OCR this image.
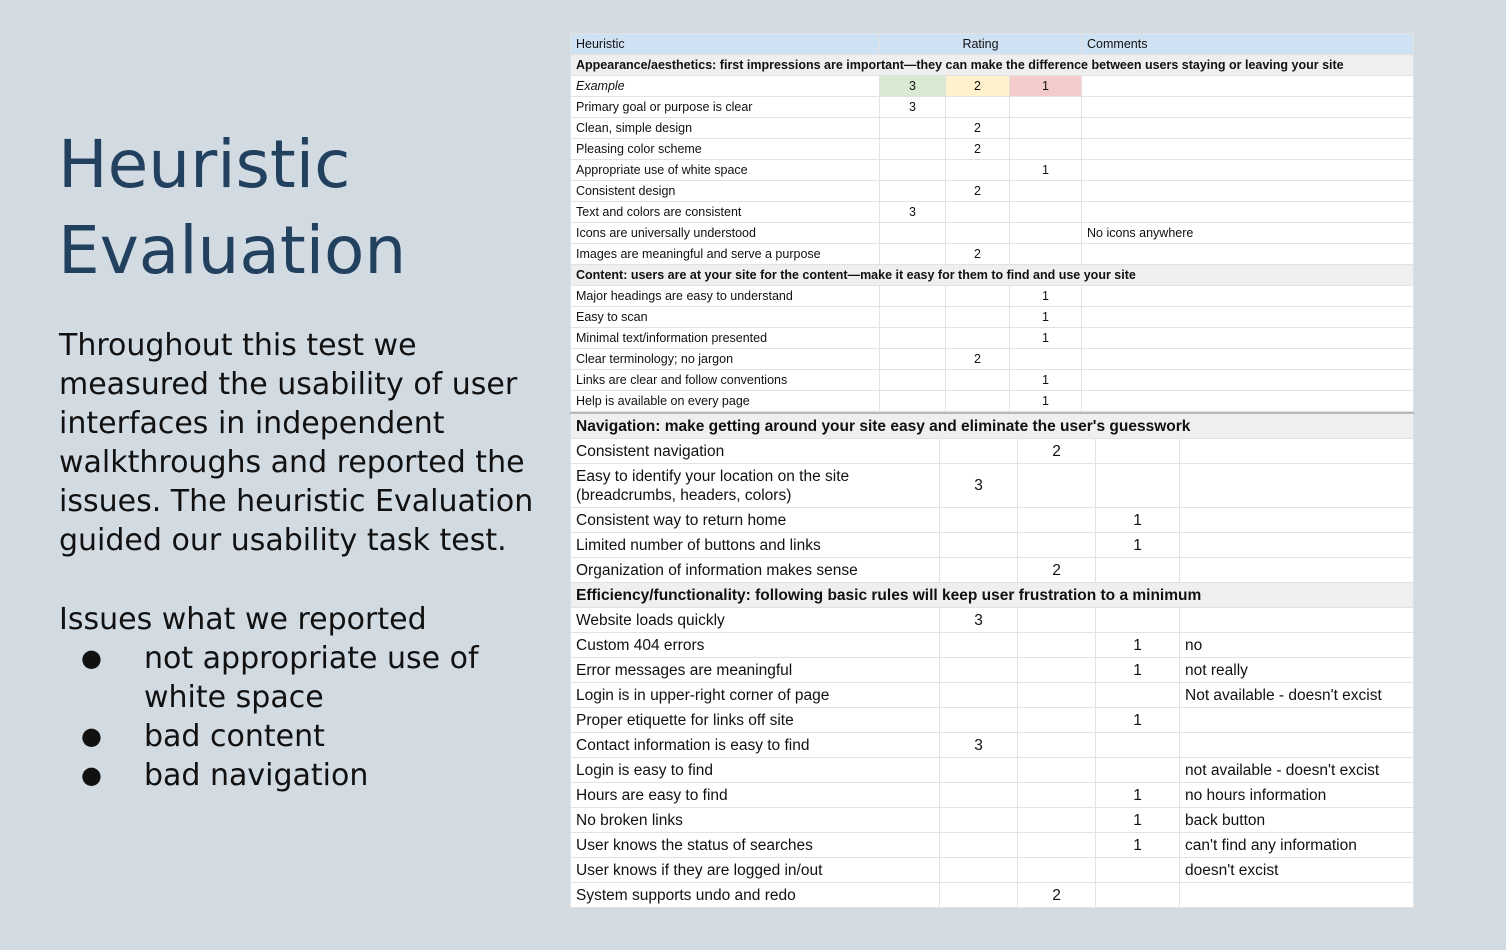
Heuristic
Evaluation

Throughout this test we measured the usability of user interfaces in independent walkthroughs and reported the issues. The heuristic Evaluation guided our usability task test.

Issues what we reported
● not appropriate use of white space
● bad content
● bad navigation
Heuristic	Rating			Comments
Appearance/aesthetics: first impressions are important—they can make the difference between users staying or leaving your site				
Example	3	2	1	
Primary goal or purpose is clear	3			
Clean, simple design		2		
Pleasing color scheme		2		
Appropriate use of white space			1	
Consistent design		2		
Text and colors are consistent	3			
Icons are universally understood				No icons anywhere
Images are meaningful and serve a purpose		2		
Content: users are at your site for the content—make it easy for them to find and use your site				
Major headings are easy to understand			1	
Easy to scan			1	
Minimal text/information presented			1	
Clear terminology; no jargon		2		
Links are clear and follow conventions			1	
Help is available on every page			1	
Navigation: make getting around your site easy and eliminate the user's guesswork				
Consistent navigation		2		
Easy to identify your location on the site (breadcrumbs, headers, colors)	3			
Consistent way to return home			1	
Limited number of buttons and links			1	
Organization of information makes sense		2		
Efficiency/functionality: following basic rules will keep user frustration to a minimum				
Website loads quickly	3			
Custom 404 errors			1	no
Error messages are meaningful			1	not really
Login is in upper-right corner of page				Not available - doesn't excist
Proper etiquette for links off site			1	
Contact information is easy to find	3			
Login is easy to find				not available - doesn't excist
Hours are easy to find			1	no hours information
No broken links			1	back button
User knows the status of searches			1	can't find any information
User knows if they are logged in/out				doesn't excist
System supports undo and redo		2		
